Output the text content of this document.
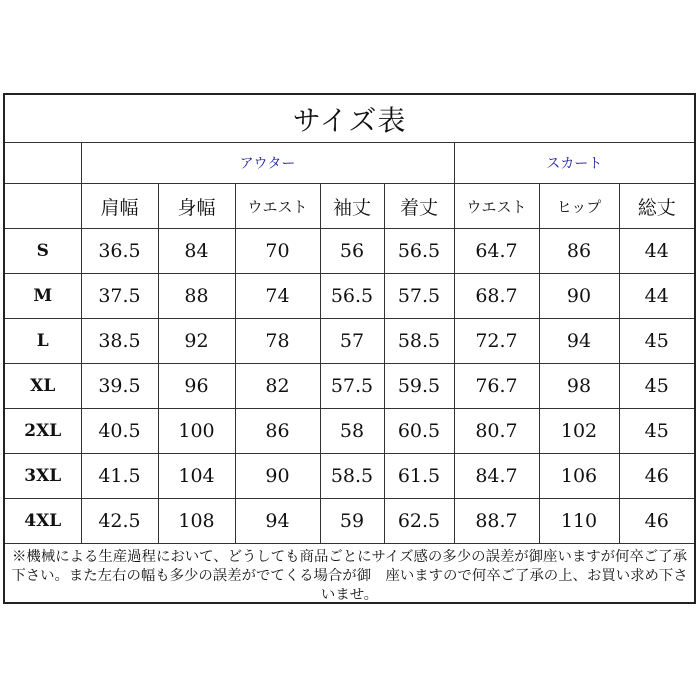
サイズ表								
	アウター					スカート		
	肩幅	身幅	ウエスト	袖丈	着丈	ウエスト	ヒップ	総丈
S	36.5	84	70	56	56.5	64.7	86	44
M	37.5	88	74	56.5	57.5	68.7	90	44
L	38.5	92	78	57	58.5	72.7	94	45
XL	39.5	96	82	57.5	59.5	76.7	98	45
2XL	40.5	100	86	58	60.5	80.7	102	45
3XL	41.5	104	90	58.5	61.5	84.7	106	46
4XL	42.5	108	94	59	62.5	88.7	110	46
※機械による生産過程において、どうしても商品ごとにサイズ感の多少の誤差が御座いますが何卒ご了承下さい。また左右の幅も多少の誤差がでてくる場合が御　座いますので何卒ご了承の上、お買い求め下さいませ。								
